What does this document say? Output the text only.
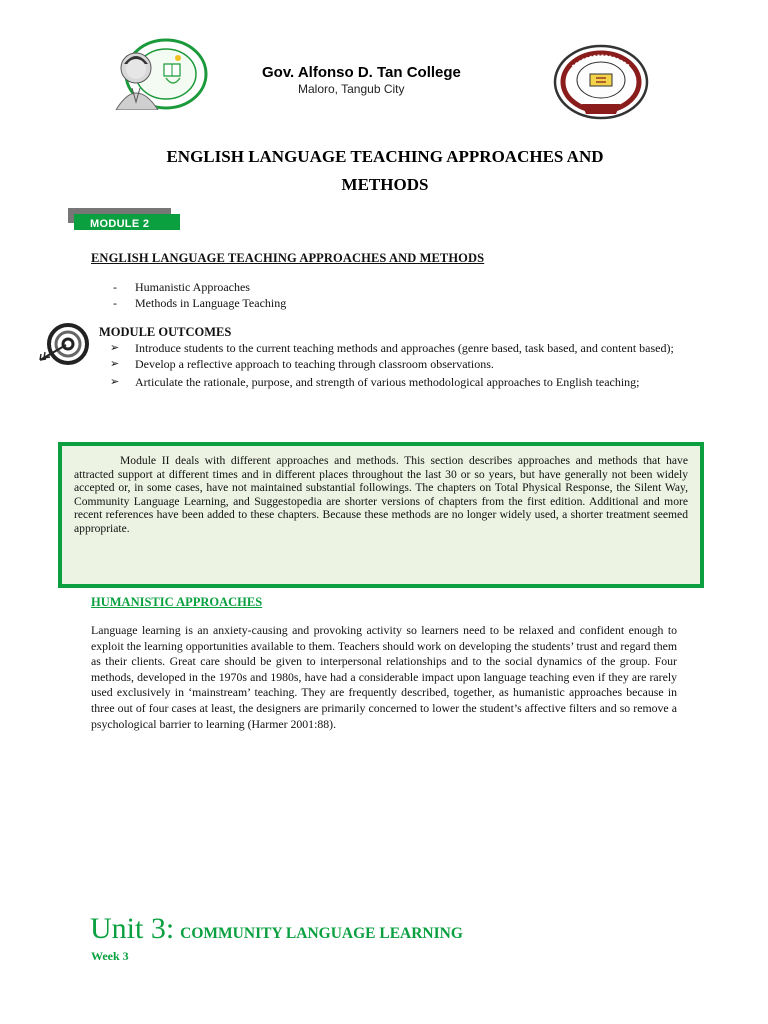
Gov. Alfonso D. Tan College
Maloro, Tangub City
ENGLISH LANGUAGE TEACHING APPROACHES AND
METHODS
MODULE 2
ENGLISH LANGUAGE TEACHING APPROACHES AND METHODS
- Humanistic Approaches
- Methods in Language Teaching
MODULE OUTCOMES
➢	Introduce students to the current teaching methods and approaches (genre based, task based, and content based);
➢	Develop a reflective approach to teaching through classroom observations.
➢	Articulate the rationale, purpose, and strength of various methodological approaches to English teaching;
Module II deals with different approaches and methods. This section describes approaches and methods that have attracted support at different times and in different places throughout the last 30 or so years, but have generally not been widely accepted or, in some cases, have not maintained substantial followings. The chapters on Total Physical Response, the Silent Way, Community Language Learning, and Suggestopedia are shorter versions of chapters from the first edition. Additional and more recent references have been added to these chapters. Because these methods are no longer widely used, a shorter treatment seemed appropriate.
HUMANISTIC APPROACHES
Language learning is an anxiety-causing and provoking activity so learners need to be relaxed and confident enough to exploit the learning opportunities available to them. Teachers should work on developing the students’ trust and regard them as their clients. Great care should be given to interpersonal relationships and to the social dynamics of the group. Four methods, developed in the 1970s and 1980s, have had a considerable impact upon language teaching even if they are rarely used exclusively in ‘mainstream’ teaching. They are frequently described, together, as humanistic approaches because in three out of four cases at least, the designers are primarily concerned to lower the student’s affective filters and so remove a psychological barrier to learning (Harmer 2001:88).
Unit 3: COMMUNITY LANGUAGE LEARNING
Week 3
